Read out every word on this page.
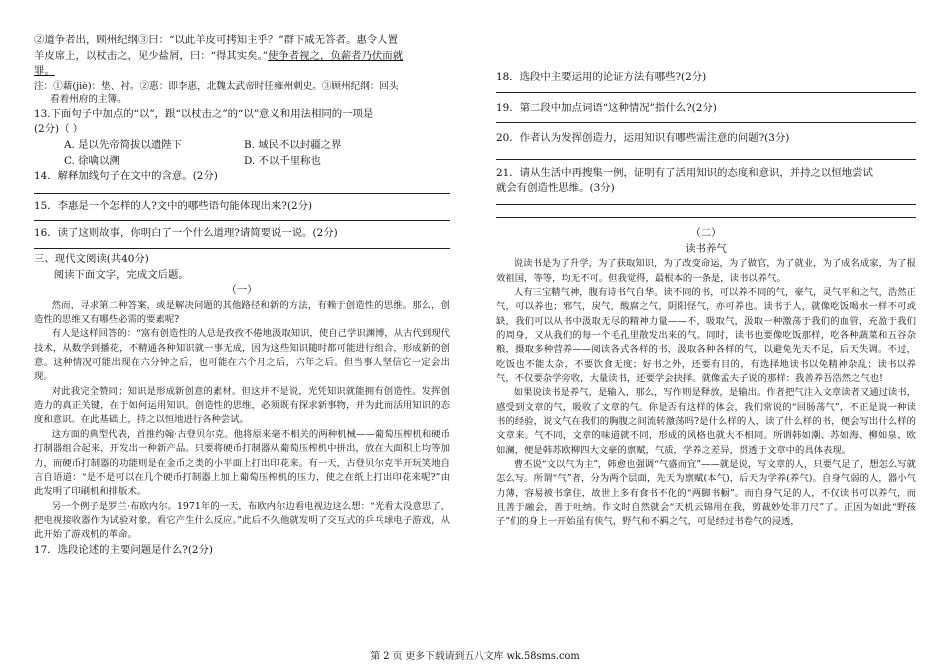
②道争者出，顾州纪纲③曰：“以此羊皮可拷知主乎？”群下咸无答者。惠令人置

羊皮席上，以杖击之，见少盐屑，曰：“得其实矣。”使争者视之，负薪者乃伏而就

罪。

注：①藉(jiè)：垫、衬。②惠：即李惠，北魏太武帝时任雍州刺史。③顾州纪纲：回头

看着州府的主簿。

13.下面句子中加点的“以”，跟“以杖击之”的“以”意义和用法相同的一项是

(2分)（ ）

A. 是以先帝简拔以遗陛下	B. 域民不以封疆之界
C. 徐噙以溯	D. 不以千里称也

14．解释加线句子在文中的含意。(2分)

15．李惠是一个怎样的人?文中的哪些语句能体现出来?(2分)

16．读了这则故事，你明白了一个什么道理?请简要说一说。(2分)

三、现代文阅读(共40分)

阅读下面文字，完成文后题。

（一）

然而，寻求第二种答案，或是解决问题的其他路径和新的方法，有赖于创造性的思维。那么，创造性的思维又有哪些必需的要素呢?

有人是这样回答的：“富有创造性的人总是孜孜不倦地汲取知识，使自己学识渊博，从古代到现代技术，从数学到播花，不精通各种知识就一事无成，因为这些知识随时都可能进行组合，形成新的创意。这种情况可能出现在六分钟之后，也可能在六个月之后，六年之后。但当事人坚信它一定会出现。

对此我完全赞同；知识是形成新创意的素材。但这并不是说，光凭知识就能拥有创造性。发挥创造力的真正关键，在于如何运用知识。创造性的思维，必须既有探求新事物，并为此而活用知识的态度和意识。在此基础上，持之以恒地进行各种尝试。

这方面的典型代表，首推约翰·古登贝尔克。他将原来毫不相关的两种机械——葡萄压榨机和硬币打制器组合起来，开发出一种新产品。只要将硬币打制器从葡萄压榨机中拼出，放在大面积上均等加力，而硬币打制器的功能则是在金币之类的小平面上打出印花来。有一天，古登贝尔克半开玩笑地自言自语道：“是不是可以在几个硬币打制器上加上葡萄压榨机的压力，使之在纸上打出印花来呢?”由此发明了印刷机和排版术。

另一个例子是罗兰·布欧内尔。1971年的一天，布欧内尔边看电视边这么想：“光看太没意思了，把电视接收器作为试验对象，看它产生什么反应。”此后不久他就发明了交互式的乒乓球电子游戏，从此开始了游戏机的革命。

17．选段论述的主要问题是什么?(2分)

18．选段中主要运用的论证方法有哪些?(2分)

19．第二段中加点词语“这种情况”指什么?(2分)

20．作者认为发挥创造力，运用知识有哪些需注意的问题?(3分)

21．请从生活中再搜集一例，证明有了活用知识的态度和意识，并持之以恒地尝试

就会有创造性思维。(3分)

（二）

读书养气

说读书是为了升学，为了获取知识，为了改变命运，为了做官，为了就业，为了成名成家，为了报效祖国，等等，均无不可。但我觉得，最根本的一条是，读书以养气。

人有三宝精气神，腹有诗书气自华。读不同的书，可以养不同的气，豪气，灵气平和之气，浩然正气，可以养也；邪气，戾气，酸腐之气，阴阳怪气，亦可养也。读书于人，就像吃饭喝水一样不可或缺，我们可以从书中汲取无尽的精神力量——不，吸取气，汲取一种激荡于我们的血管，充盈于我们的周身，又从我们的每一个毛孔里散发出来的气。同时，读书也要像吃饭那样，吃各种蔬菜和五谷杂粮，摄取多种营养——阅读各式各样的书，汲取各种各样的气，以避免先天不足，后天失调。不过，吃饭也不能太杂，不要饮食无度；好书之外，还要有目的，有选择地读书以免精神杂乱；读书以养气，不仅要杂学旁收，大量读书，还要学会抉择。就像孟夫子说的那样：我善养吾浩然之气也!

如果说读书是养气，是输入，那么，写作则是释放，是输出。作者把气注入文章读者又通过读书，感受到文章的气，吸收了文章的气。你是否有这样的体会，我们常说的“回肠荡气”，不正是说一种读书的经验，说文气在我们的胸腹之间流转激荡吗?是什么样的人，读了什么样的书，便会写出什么样的文章来。气不同，文章的味道就不同，形成的风格也就大不相同。所谓韩如潮、苏如海、柳如泉、欧如澜，便是韩苏欧柳四大文豪的禀赋，气质，学养之差异，贯透于文章中的具体表现。

曹丕说“文以气为主”，韩愈也强调“气盛而宜”——就是说，写文章的人，只要气足了，想怎么写就怎么写。所谓“气”者，分为两个层面，先天为禀赋(本气)，后天为学养(养气)。自身气弱的人，器小气力薄，容易被书拿住，故世上多有食书不化的“两脚书橱”。而自身气足的人，不仅读书可以养气，而且善于融会，善于吐纳。作文时自然就会“天机云锦用在我，剪裁妙处非刀尺”了。正因为如此“野孩子”们的身上一开始虽有侠气，野气和不羁之气，可是经过书卷气的浸透，

第 2 页 更多下载请到五八文库 wk.58sms.com
